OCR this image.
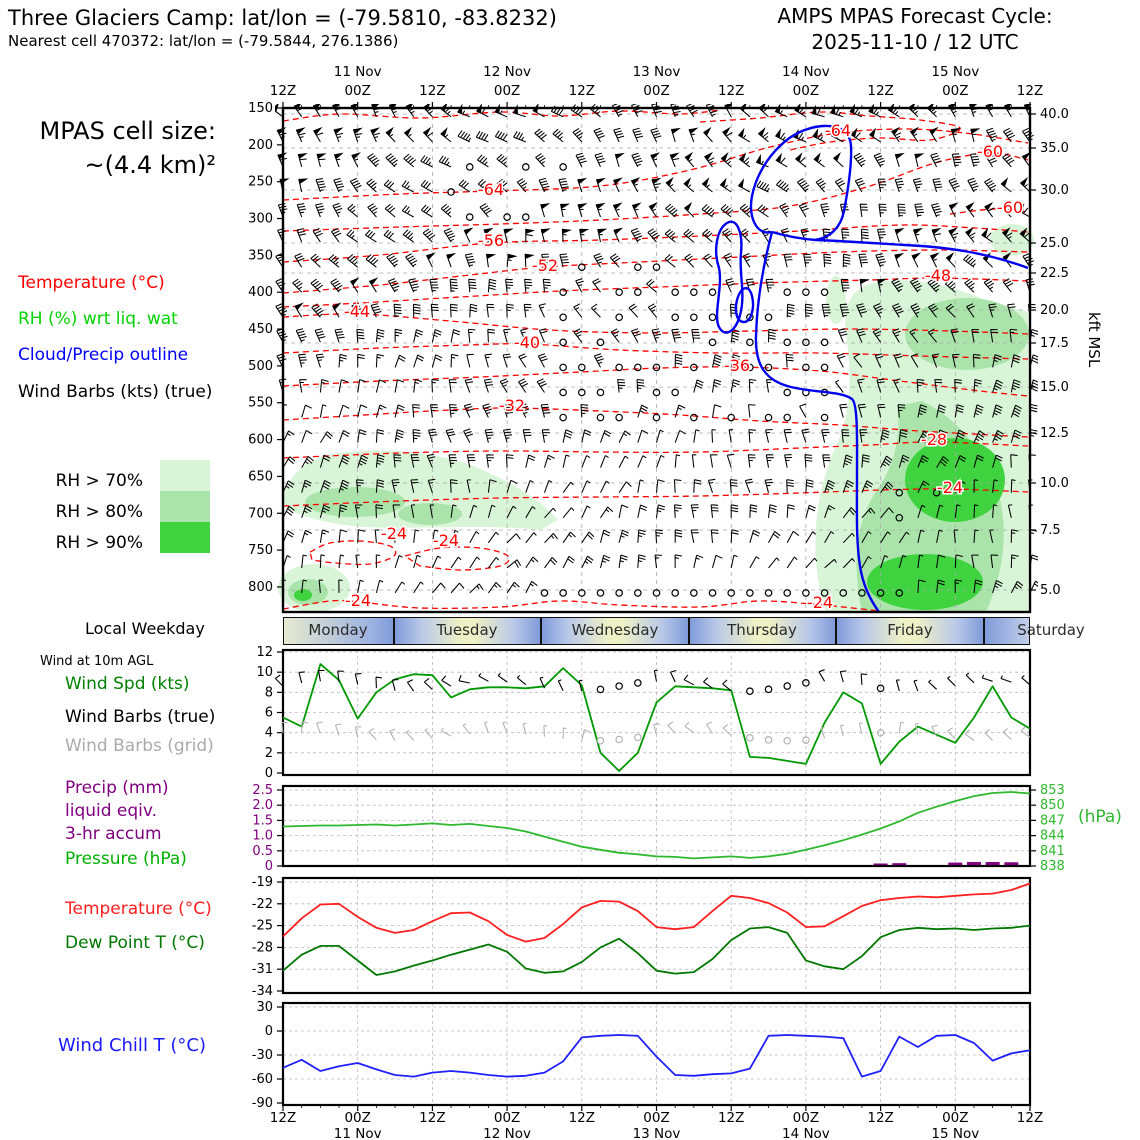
-64
-64
-60
-60
-56
-52
-48
-44
-40
-36
-32
-28
-24
-24 -24
-24	-24
150
200
250
300
350
400
450
500
550
600
650
700
750
800
40.0
35.0
30.0
25.0
22.5
20.0
17.5
15.0
12.5
10.0
7.5
5.0
12Z
12Z
00Z
00Z
12Z
12Z
00Z
00Z
12Z
12Z
00Z
00Z
12Z
12Z
00Z
00Z
12Z
12Z
00Z
00Z
12Z
12Z
11 Nov
11 Nov
12 Nov
12 Nov
13 Nov
13 Nov
14 Nov
14 Nov
15 Nov
15 Nov
12
10
8
6
4
2
0
2.5
2.0
1.5
1.0
0.5
0
853
850
847
844
841
838
-19
-22
-25
-28
-31
-34
30
0
-30
-60
-90
Three Glaciers Camp: lat/lon = (-79.5810, -83.8232)
Nearest cell 470372: lat/lon = (-79.5844, 276.1386)
AMPS MPAS Forecast Cycle:
2025-11-10 / 12 UTC
MPAS cell size:
~(4.4 km)²
Temperature (°C)
RH (%) wrt liq. wat
Cloud/Precip outline
Wind Barbs (kts) (true)
RH > 70%
RH > 80%
RH > 90%
Local Weekday	Monday	Tuesday	Wednesday	Thursday	Friday	Saturday
Wind at 10m AGL
Wind Spd (kts)
Wind Barbs (true)
Wind Barbs (grid)
Precip (mm)
liquid eqiv.
3-hr accum
Pressure (hPa)
(hPa)
Temperature (°C)
Dew Point T (°C)
Wind Chill T (°C)
kft MSL
